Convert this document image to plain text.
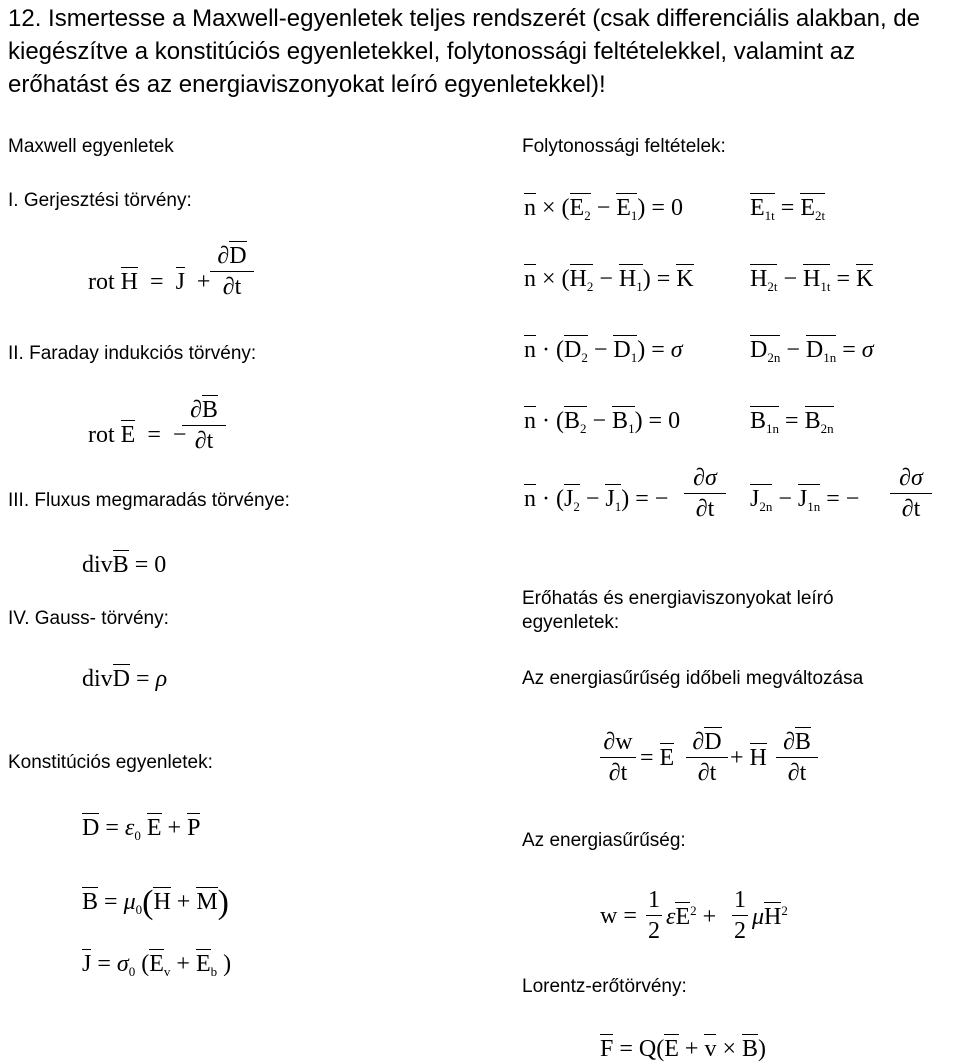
12. Ismertesse a Maxwell-egyenletek teljes rendszerét (csak differenciális alakban, de kiegészítve a konstitúciós egyenletekkel, folytonossági feltételekkel, valamint az erőhatást és az energiaviszonyokat leíró egyenletekkel)!
Maxwell egyenletek
I. Gerjesztési törvény:
rot H  =  J  +
∂D
∂t
II. Faraday indukciós törvény:
rot E  =  −
∂B
∂t
III. Fluxus megmaradás törvénye:
divB = 0
IV. Gauss- törvény:
divD = ρ
Konstitúciós egyenletek:
$D = \varepsilon_0$ E + P
$B = \mu_0(H + M)$
$J = \sigma_0$ ($E_v + E_b$ )
Folytonossági feltételek:
$n \times (E_2 - E_1) = 0$	$E_{1t} = E_{2t}$
$n \times (H_2 - H_1) = K$ $H_{2t} - H_{1t} = K$
$n \cdot (D_2 - D_1) = \sigma$	$D_{2n} - D_{1n} = \sigma$
$n \cdot (B_2 - B_1) = 0$	$B_{1n} = B_{2n}$
$n \cdot (J_2 - J_1)$ = −
∂σ
∂t	$J_{2n} - J_{1n}$ = −
∂σ
∂t
Erőhatás és energiaviszonyokat leíró
egyenletek:
Az energiasűrűség időbeli megváltozása
∂w
∂t
= E
∂D
∂t
+ H
∂B
∂t
Az energiasűrűség:
w =
1
2
$\varepsilon E^2$ +
1
2
$\mu H^2$
Lorentz-erőtörvény:
F = Q(E + v × B)
